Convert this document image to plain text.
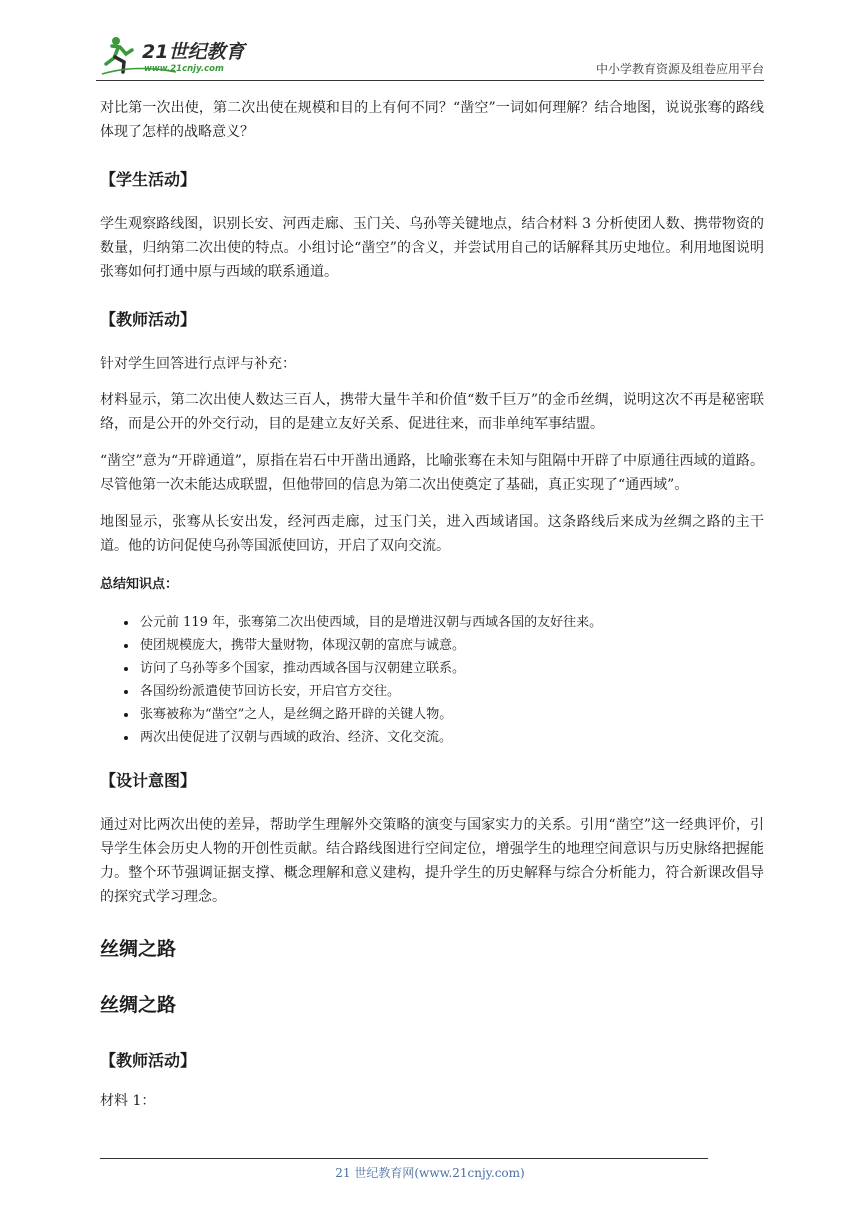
21世纪教育
www.21cnjy.com	中小学教育资源及组卷应用平台

对比第一次出使，第二次出使在规模和目的上有何不同？“凿空”一词如何理解？结合地图，说说张骞的路线体现了怎样的战略意义？

【学生活动】

学生观察路线图，识别长安、河西走廊、玉门关、乌孙等关键地点，结合材料 3 分析使团人数、携带物资的数量，归纳第二次出使的特点。小组讨论“凿空”的含义，并尝试用自己的话解释其历史地位。利用地图说明张骞如何打通中原与西域的联系通道。

【教师活动】

针对学生回答进行点评与补充：

材料显示，第二次出使人数达三百人，携带大量牛羊和价值“数千巨万”的金币丝绸，说明这次不再是秘密联络，而是公开的外交行动，目的是建立友好关系、促进往来，而非单纯军事结盟。

“凿空”意为“开辟通道”，原指在岩石中开凿出通路，比喻张骞在未知与阻隔中开辟了中原通往西域的道路。尽管他第一次未能达成联盟，但他带回的信息为第二次出使奠定了基础，真正实现了“通西域”。

地图显示，张骞从长安出发，经河西走廊，过玉门关，进入西域诸国。这条路线后来成为丝绸之路的主干道。他的访问促使乌孙等国派使回访，开启了双向交流。

总结知识点：

• 公元前 119 年，张骞第二次出使西域，目的是增进汉朝与西域各国的友好往来。
• 使团规模庞大，携带大量财物，体现汉朝的富庶与诚意。
• 访问了乌孙等多个国家，推动西域各国与汉朝建立联系。
• 各国纷纷派遣使节回访长安，开启官方交往。
• 张骞被称为“凿空”之人，是丝绸之路开辟的关键人物。
• 两次出使促进了汉朝与西域的政治、经济、文化交流。

【设计意图】

通过对比两次出使的差异，帮助学生理解外交策略的演变与国家实力的关系。引用“凿空”这一经典评价，引导学生体会历史人物的开创性贡献。结合路线图进行空间定位，增强学生的地理空间意识与历史脉络把握能力。整个环节强调证据支撑、概念理解和意义建构，提升学生的历史解释与综合分析能力，符合新课改倡导的探究式学习理念。

丝绸之路

丝绸之路

【教师活动】

材料 1：

21 世纪教育网(www.21cnjy.com)
